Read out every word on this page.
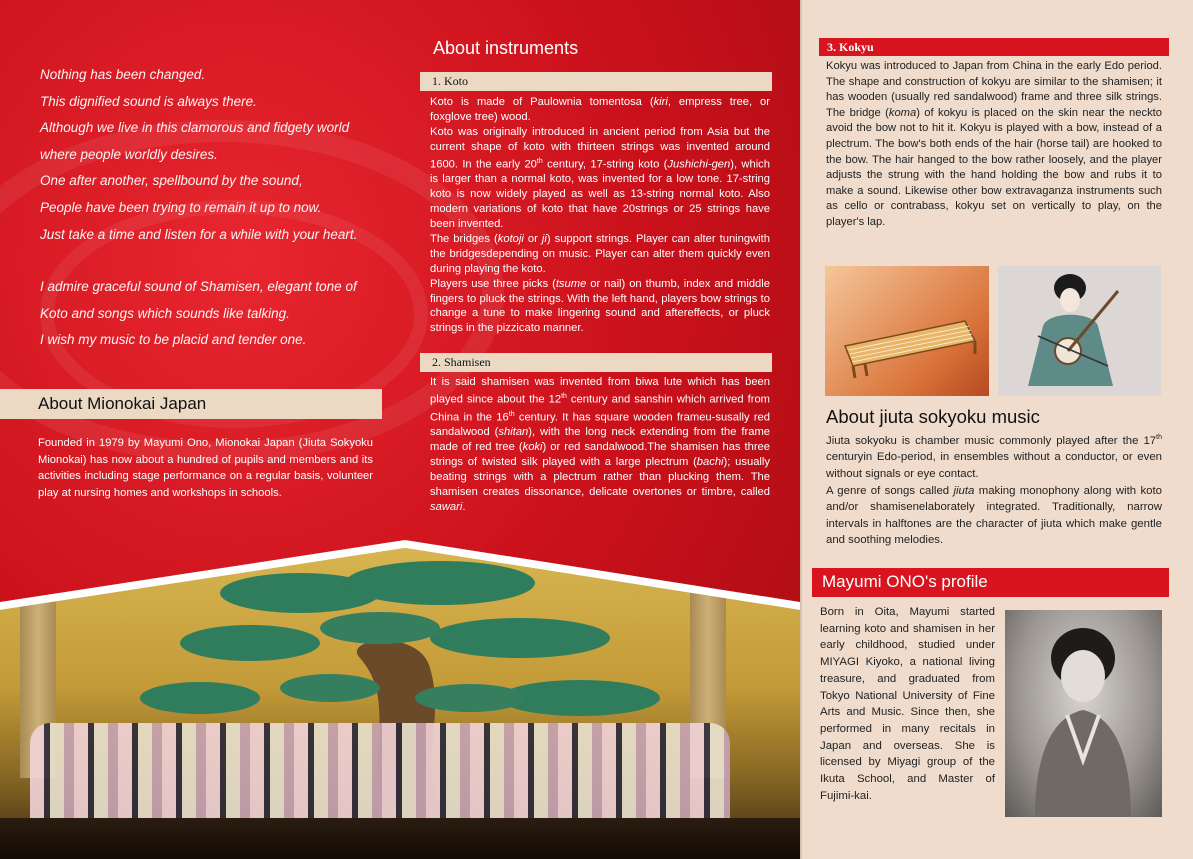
Nothing has been changed.

This dignified sound is always there.

Although we live in this clamorous and fidgety world

where people worldly desires.

One after another, spellbound by the sound,

People have been trying to remain it up to now.

Just take a time and listen for a while with your heart.

I admire graceful sound of Shamisen, elegant tone of

Koto and songs which sounds like talking.

I wish my music to be placid and tender one.

About Mionokai Japan

Founded in 1979 by Mayumi Ono, Mionokai Japan (Jiuta Sokyoku Mionokai) has now about a hundred of pupils and members and its activities including stage performance on a regular basis, volunteer play at nursing homes and workshops in schools.

About instruments
1. Koto

Koto is made of Paulownia tomentosa (kiri, empress tree, or foxglove tree) wood.

Koto was originally introduced in ancient period from Asia but the current shape of koto with thirteen strings was invented around 1600. In the early 20th century, 17-string koto (Jushichi-gen), which is larger than a normal koto, was invented for a low tone. 17-string koto is now widely played as well as 13-string normal koto. Also modern variations of koto that have 20strings or 25 strings have been invented.

The bridges (kotoji or ji) support strings. Player can alter tuningwith the bridgesdepending on music. Player can alter them quickly even during playing the koto.

Players use three picks (tsume or nail) on thumb, index and middle fingers to pluck the strings. With the left hand, players bow strings to change a tune to make lingering sound and aftereffects, or pluck strings in the pizzicato manner.

2. Shamisen

It is said shamisen was invented from biwa lute which has been played since about the 12th century and sanshin which arrived from China in the 16th century. It has square wooden frameu-susally red sandalwood (shitan), with the long neck extending from the frame made of red tree (koki) or red sandalwood.The shamisen has three strings of twisted silk played with a large plectrum (bachi); usually beating strings with a plectrum rather than plucking them. The shamisen creates dissonance, delicate overtones or timbre, called sawari.

3. Kokyu

Kokyu was introduced to Japan from China in the early Edo period. The shape and construction of kokyu are similar to the shamisen; it has wooden (usually red sandalwood) frame and three silk strings. The bridge (koma) of kokyu is placed on the skin near the neckto avoid the bow not to hit it. Kokyu is played with a bow, instead of a plectrum. The bow's both ends of the hair (horse tail) are hooked to the bow. The hair hanged to the bow rather loosely, and the player adjusts the strung with the hand holding the bow and rubs it to make a sound. Likewise other bow extravaganza instruments such as cello or contrabass, kokyu set on vertically to play, on the player's lap.

About jiuta sokyoku music

Jiuta sokyoku is chamber music commonly played after the 17th centuryin Edo-period, in ensembles without a conductor, or even without signals or eye contact.

A genre of songs called jiuta making monophony along with koto and/or shamisenelaborately integrated. Traditionally, narrow intervals in halftones are the character of jiuta which make gentle and soothing melodies.

Mayumi ONO's profile

Born in Oita, Mayumi started learning koto and shamisen in her early childhood, studied under MIYAGI Kiyoko, a national living treasure, and graduated from Tokyo National University of Fine Arts and Music. Since then, she performed in many recitals in Japan and overseas. She is licensed by Miyagi group of the Ikuta School, and Master of Fujimi-kai.
